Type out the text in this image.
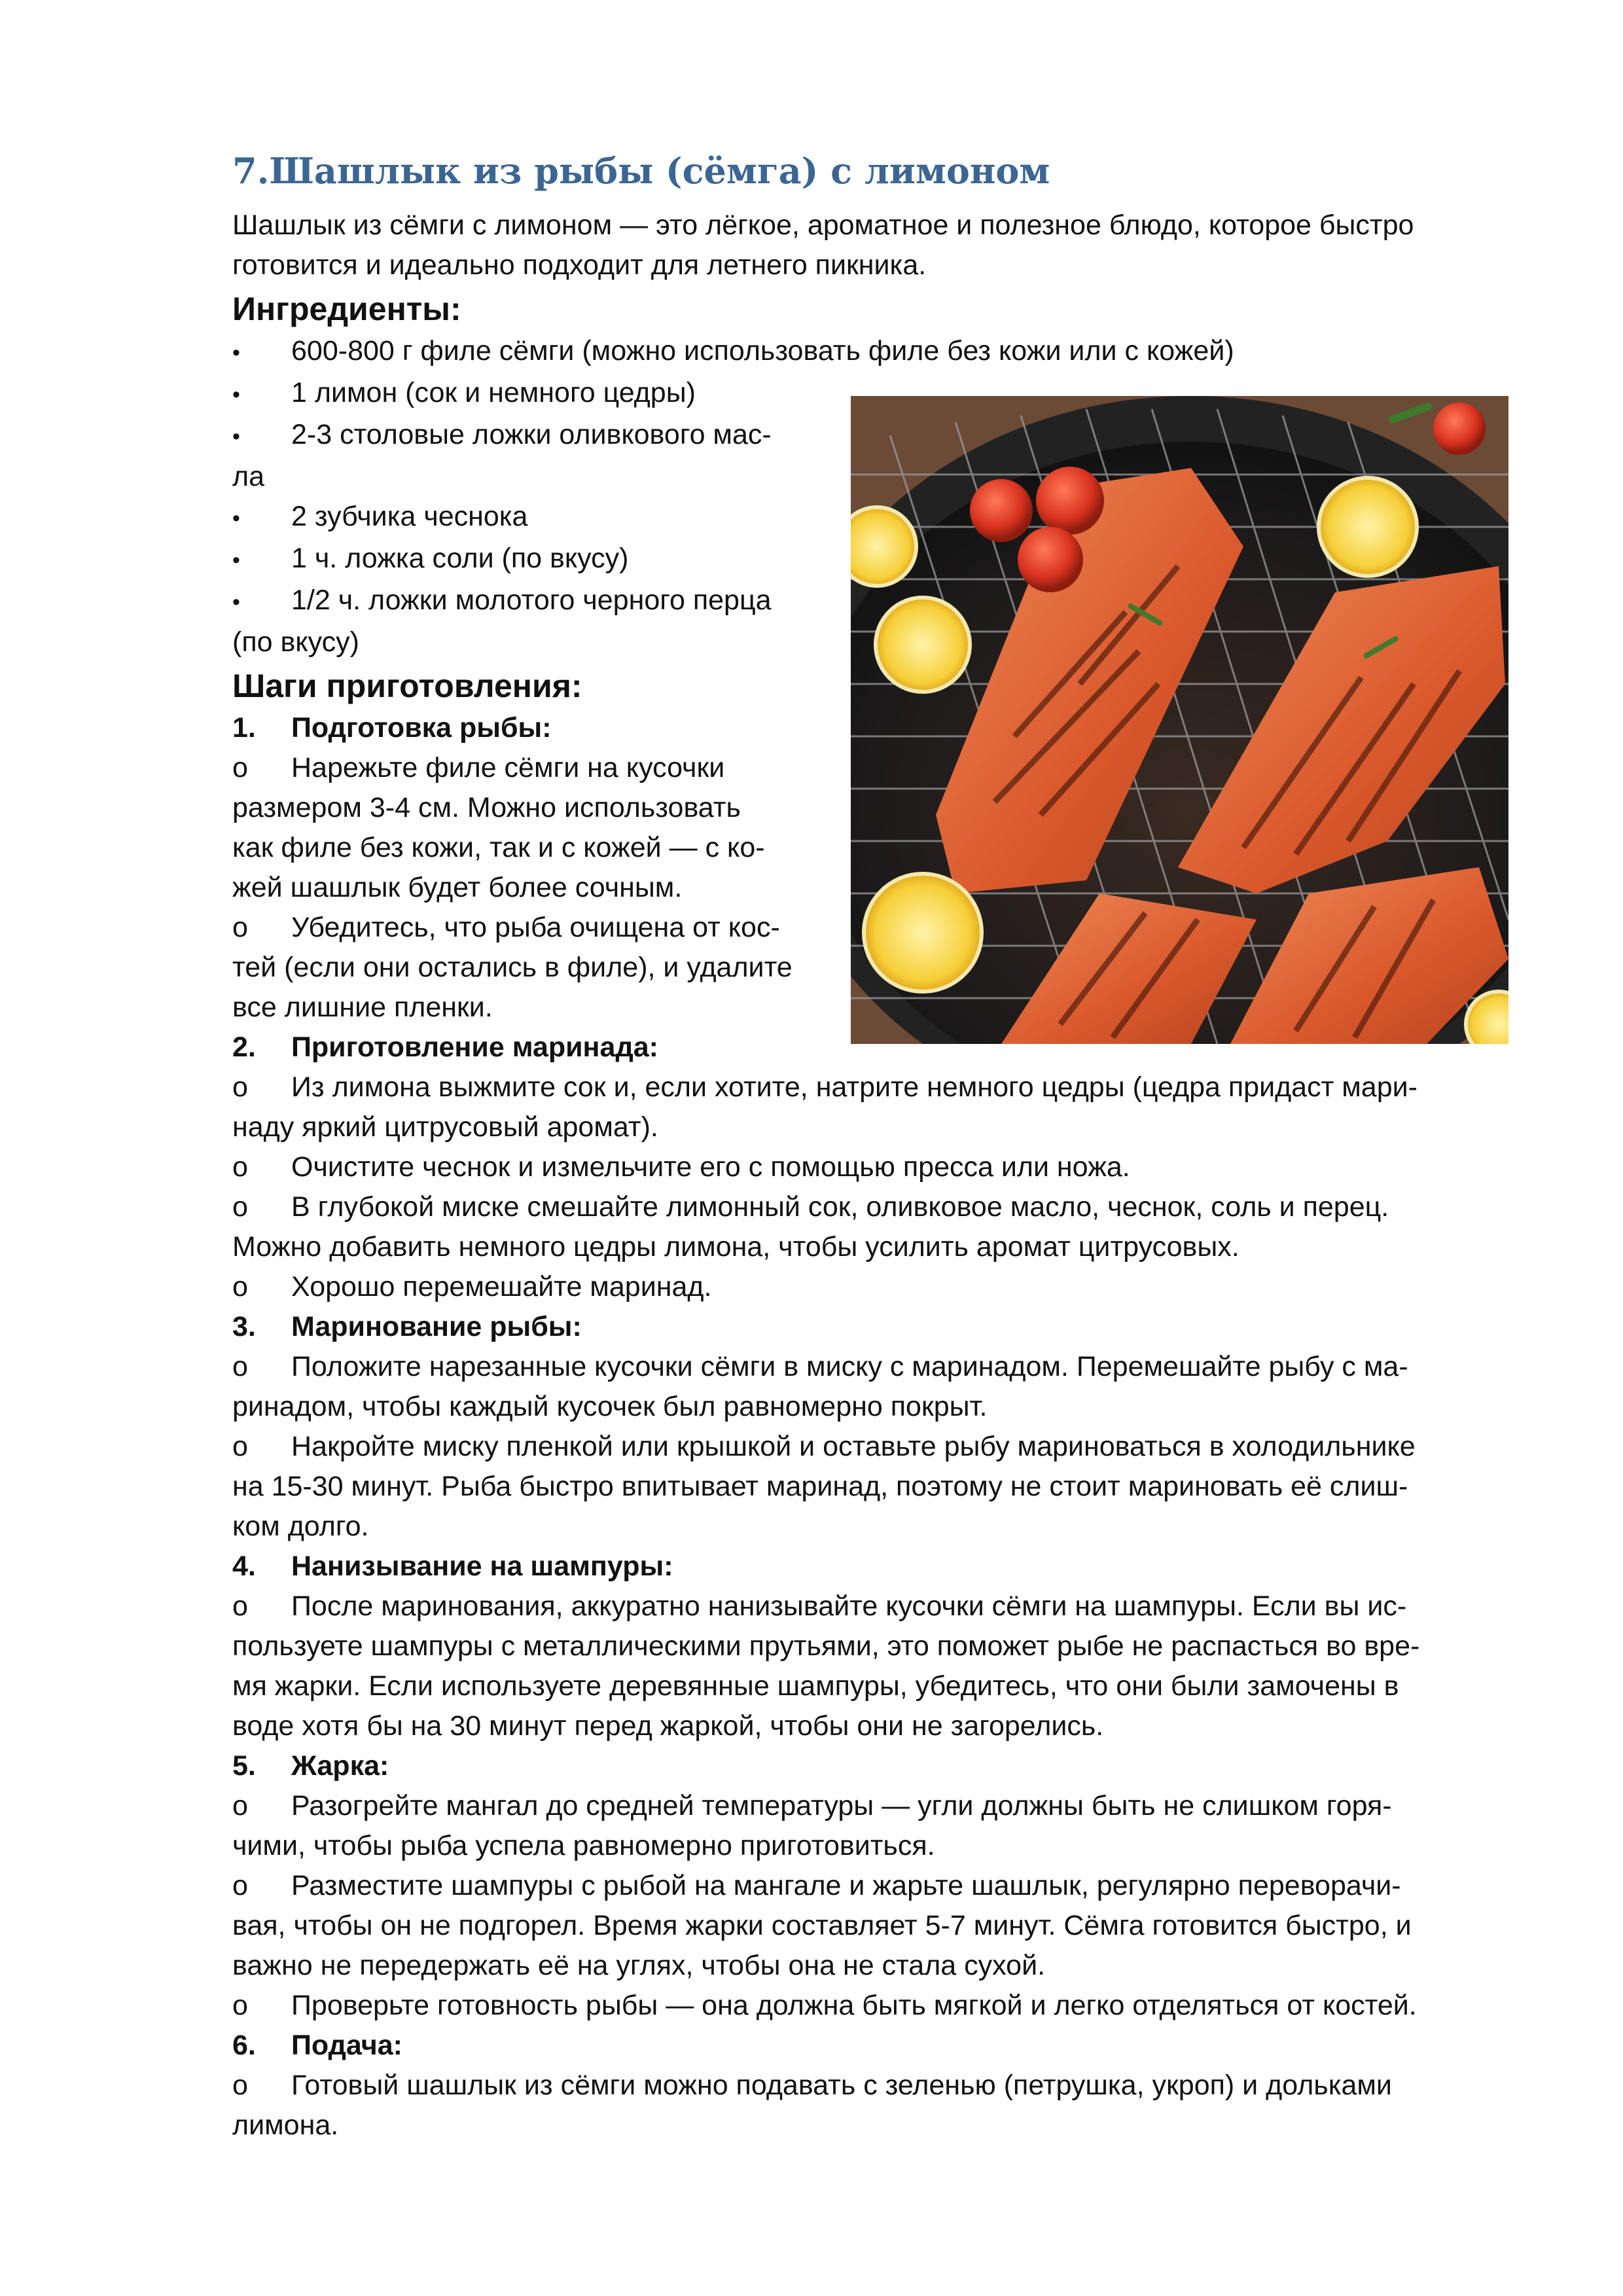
7.Шашлык из рыбы (сёмга) с лимоном

Шашлык из сёмги с лимоном — это лёгкое, ароматное и полезное блюдо, которое быстро

готовится и идеально подходит для летнего пикника.

Ингредиенты:

• 600-800 г филе сёмги (можно использовать филе без кожи или с кожей)

• 1 лимон (сок и немного цедры)

• 2-3 столовые ложки оливкового мас-

ла

• 2 зубчика чеснока

• 1 ч. ложка соли (по вкусу)

• 1/2 ч. ложки молотого черного перца

(по вкусу)

Шаги приготовления:

1. Подготовка рыбы:

o Нарежьте филе сёмги на кусочки

размером 3-4 см. Можно использовать

как филе без кожи, так и с кожей — с ко-

жей шашлык будет более сочным.

o Убедитесь, что рыба очищена от кос-

тей (если они остались в филе), и удалите

все лишние пленки.

2. Приготовление маринада:

o Из лимона выжмите сок и, если хотите, натрите немного цедры (цедра придаст мари-

наду яркий цитрусовый аромат).

o Очистите чеснок и измельчите его с помощью пресса или ножа.

o В глубокой миске смешайте лимонный сок, оливковое масло, чеснок, соль и перец.

Можно добавить немного цедры лимона, чтобы усилить аромат цитрусовых.

o Хорошо перемешайте маринад.

3. Маринование рыбы:

o Положите нарезанные кусочки сёмги в миску с маринадом. Перемешайте рыбу с ма-

ринадом, чтобы каждый кусочек был равномерно покрыт.

o Накройте миску пленкой или крышкой и оставьте рыбу мариноваться в холодильнике

на 15-30 минут. Рыба быстро впитывает маринад, поэтому не стоит мариновать её слиш-

ком долго.

4. Нанизывание на шампуры:

o После маринования, аккуратно нанизывайте кусочки сёмги на шампуры. Если вы ис-

пользуете шампуры с металлическими прутьями, это поможет рыбе не распасться во вре-

мя жарки. Если используете деревянные шампуры, убедитесь, что они были замочены в

воде хотя бы на 30 минут перед жаркой, чтобы они не загорелись.

5. Жарка:

o Разогрейте мангал до средней температуры — угли должны быть не слишком горя-

чими, чтобы рыба успела равномерно приготовиться.

o Разместите шампуры с рыбой на мангале и жарьте шашлык, регулярно переворачи-

вая, чтобы он не подгорел. Время жарки составляет 5-7 минут. Сёмга готовится быстро, и

важно не передержать её на углях, чтобы она не стала сухой.

o Проверьте готовность рыбы — она должна быть мягкой и легко отделяться от костей.

6. Подача:

o Готовый шашлык из сёмги можно подавать с зеленью (петрушка, укроп) и дольками

лимона.
